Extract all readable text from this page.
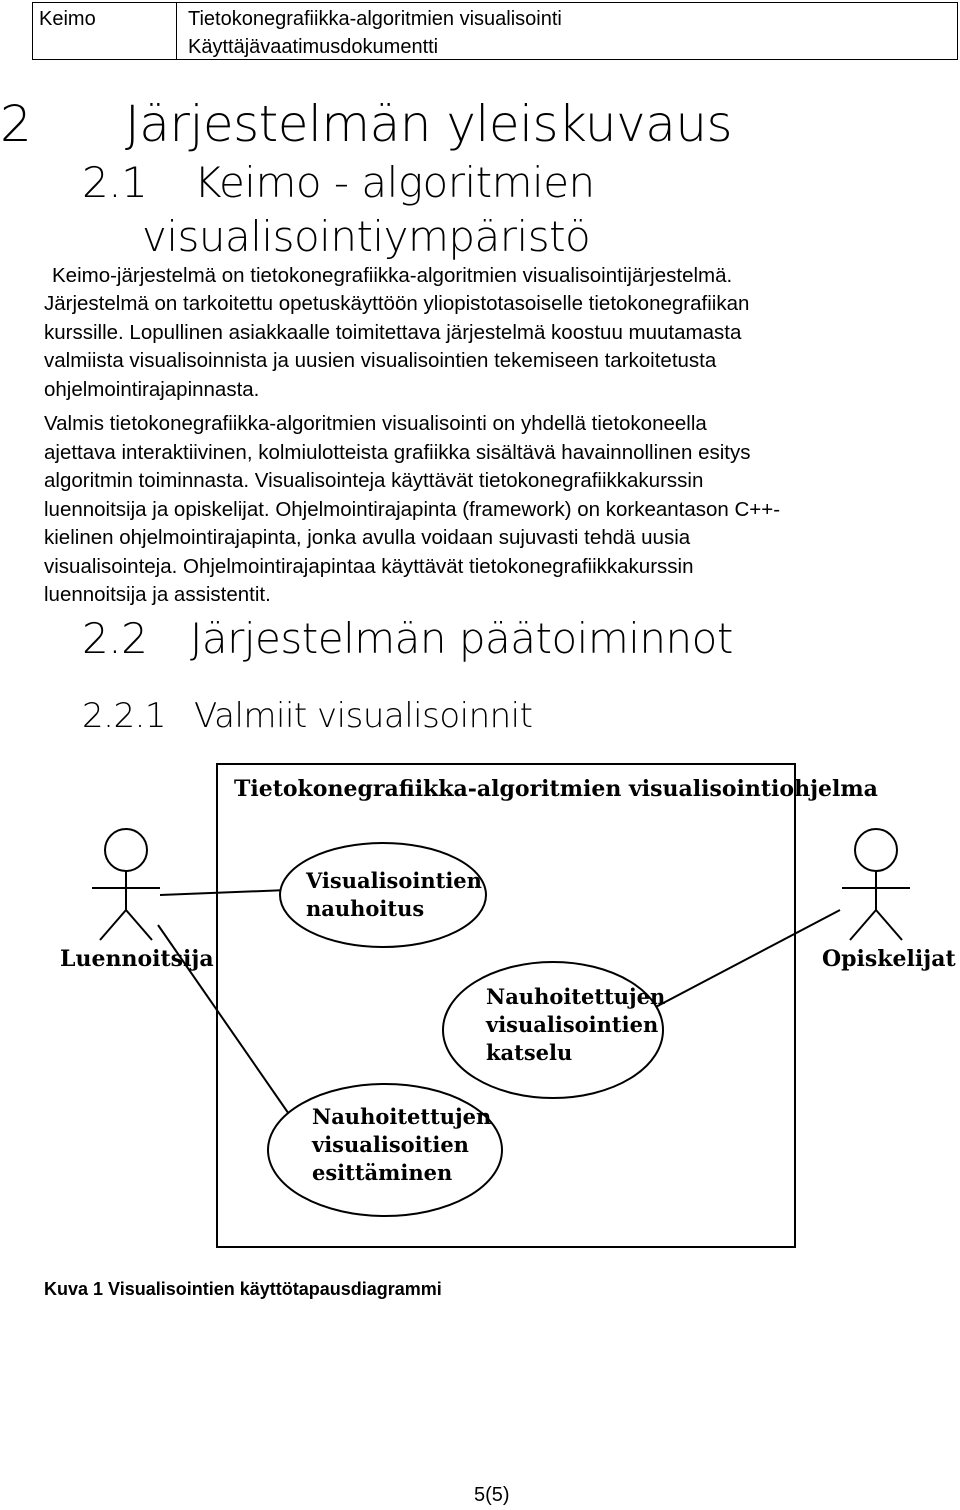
Keimo	Tietokonegrafiikka-algoritmien visualisointi
Käyttäjävaatimusdokumentti
2 Järjestelmän yleiskuvaus
2.1 Keimo - algoritmien
visualisointiympäristö
Keimo-järjestelmä on tietokonegrafiikka-algoritmien visualisointijärjestelmä.
Järjestelmä on tarkoitettu opetuskäyttöön yliopistotasoiselle tietokonegrafiikan
kurssille. Lopullinen asiakkaalle toimitettava järjestelmä koostuu muutamasta
valmiista visualisoinnista ja uusien visualisointien tekemiseen tarkoitetusta
ohjelmointirajapinnasta.
Valmis tietokonegrafiikka-algoritmien visualisointi on yhdellä tietokoneella
ajettava interaktiivinen, kolmiulotteista grafiikka sisältävä havainnollinen esitys
algoritmin toiminnasta. Visualisointeja käyttävät tietokonegrafiikkakurssin
luennoitsija ja opiskelijat. Ohjelmointirajapinta (framework) on korkeantason C++-
kielinen ohjelmointirajapinta, jonka avulla voidaan sujuvasti tehdä uusia
visualisointeja. Ohjelmointirajapintaa käyttävät tietokonegrafiikkakurssin
luennoitsija ja assistentit.
2.2 Järjestelmän päätoiminnot
2.2.1 Valmiit visualisoinnit
Tietokonegrafiikka-algoritmien visualisointiohjelma
Luennoitsija	Opiskelijat
Visualisointien
nauhoitus
Nauhoitettujen
visualisointien
katselu
Nauhoitettujen
visualisoitien
esittäminen
Kuva 1 Visualisointien käyttötapausdiagrammi
5(5)
